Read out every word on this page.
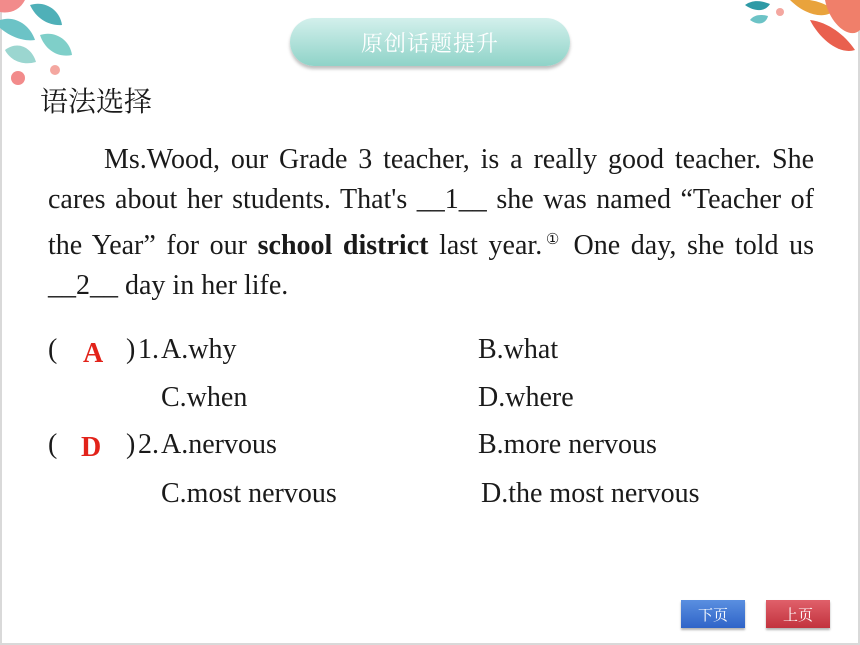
原创话题提升
语法选择
  Ms.Wood, our Grade 3 teacher, is a really good teacher. She cares about her students. That's __1__ she was named “Teacher of the Year” for our school district last year.① One day, she told us __2__ day in her life.
( A ) 1. A.why	B.what
C.when	D.where
( D ) 2. A.nervous	B.more nervous
C.most nervous	D.the most nervous
下页	上页
